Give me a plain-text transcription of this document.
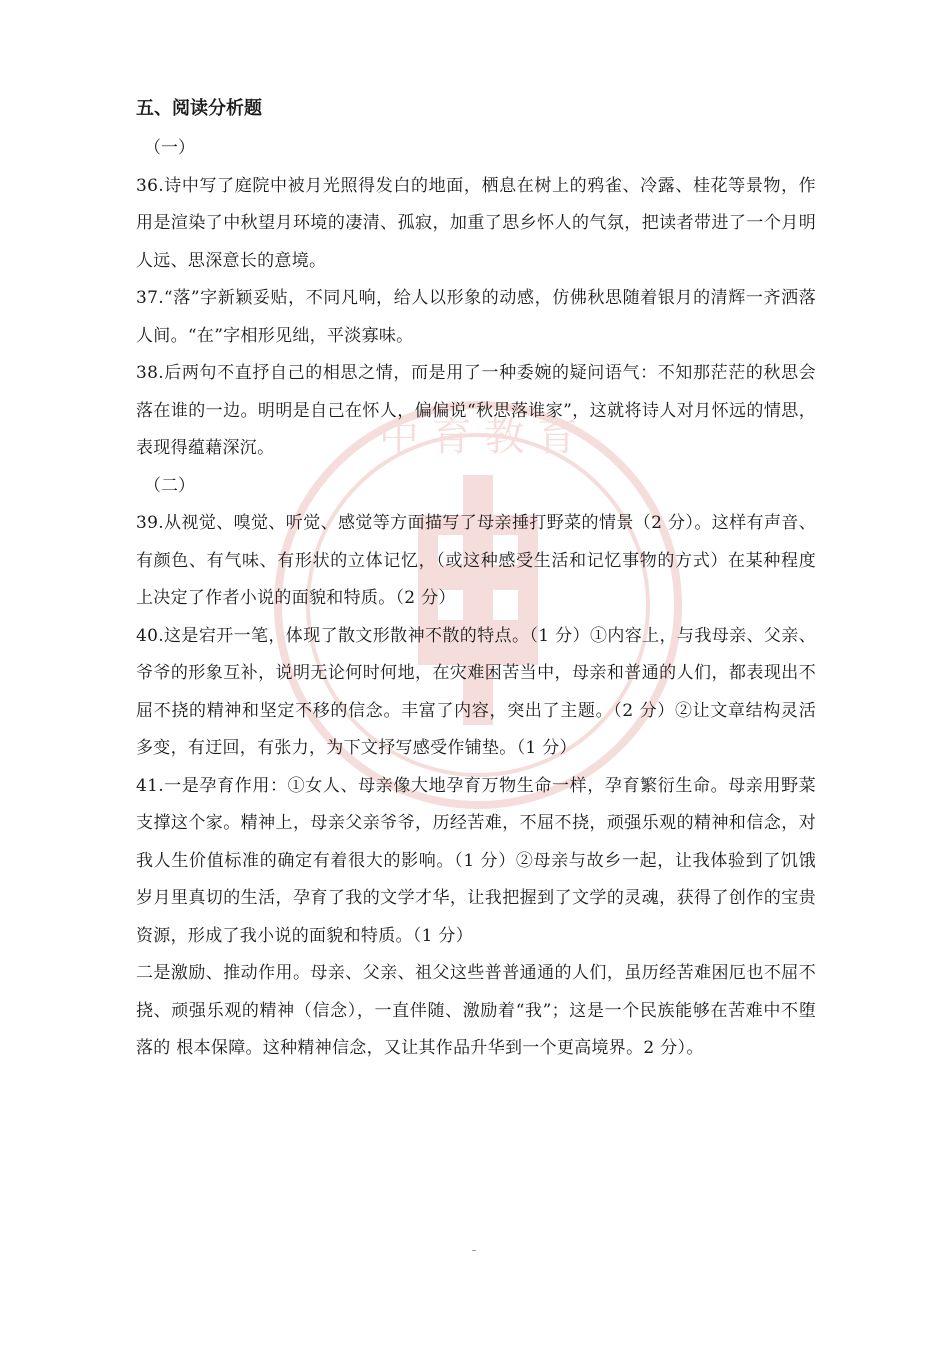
中 育 教 育

五、阅读分析题

（一）

36.诗中写了庭院中被月光照得发白的地面，栖息在树上的鸦雀、冷露、桂花等景物，作用是渲染了中秋望月环境的凄清、孤寂，加重了思乡怀人的气氛，把读者带进了一个月明人远、思深意长的意境。

37.“落”字新颖妥贴，不同凡响，给人以形象的动感，仿佛秋思随着银月的清辉一齐洒落人间。“在”字相形见绌，平淡寡味。

38.后两句不直抒自己的相思之情，而是用了一种委婉的疑问语气：不知那茫茫的秋思会落在谁的一边。明明是自己在怀人，偏偏说“秋思落谁家”，这就将诗人对月怀远的情思，表现得蕴藉深沉。

（二）

39.从视觉、嗅觉、听觉、感觉等方面描写了母亲捶打野菜的情景（2 分）。这样有声音、有颜色、有气味、有形状的立体记忆，（或这种感受生活和记忆事物的方式）在某种程度上决定了作者小说的面貌和特质。（2 分）

40.这是宕开一笔，体现了散文形散神不散的特点。（1 分）①内容上，与我母亲、父亲、爷爷的形象互补，说明无论何时何地，在灾难困苦当中，母亲和普通的人们，都表现出不屈不挠的精神和坚定不移的信念。丰富了内容，突出了主题。（2 分）②让文章结构灵活多变，有迂回，有张力，为下文抒写感受作铺垫。（1 分）

41.一是孕育作用：①女人、母亲像大地孕育万物生命一样，孕育繁衍生命。母亲用野菜支撑这个家。精神上，母亲父亲爷爷，历经苦难，不屈不挠，顽强乐观的精神和信念，对我人生价值标准的确定有着很大的影响。（1 分）②母亲与故乡一起，让我体验到了饥饿岁月里真切的生活，孕育了我的文学才华，让我把握到了文学的灵魂，获得了创作的宝贵资源，形成了我小说的面貌和特质。（1 分）

二是激励、推动作用。母亲、父亲、祖父这些普普通通的人们，虽历经苦难困厄也不屈不挠、顽强乐观的精神（信念），一直伴随、激励着“我”；这是一个民族能够在苦难中不堕落的 根本保障。这种精神信念，又让其作品升华到一个更高境界。2 分）。
